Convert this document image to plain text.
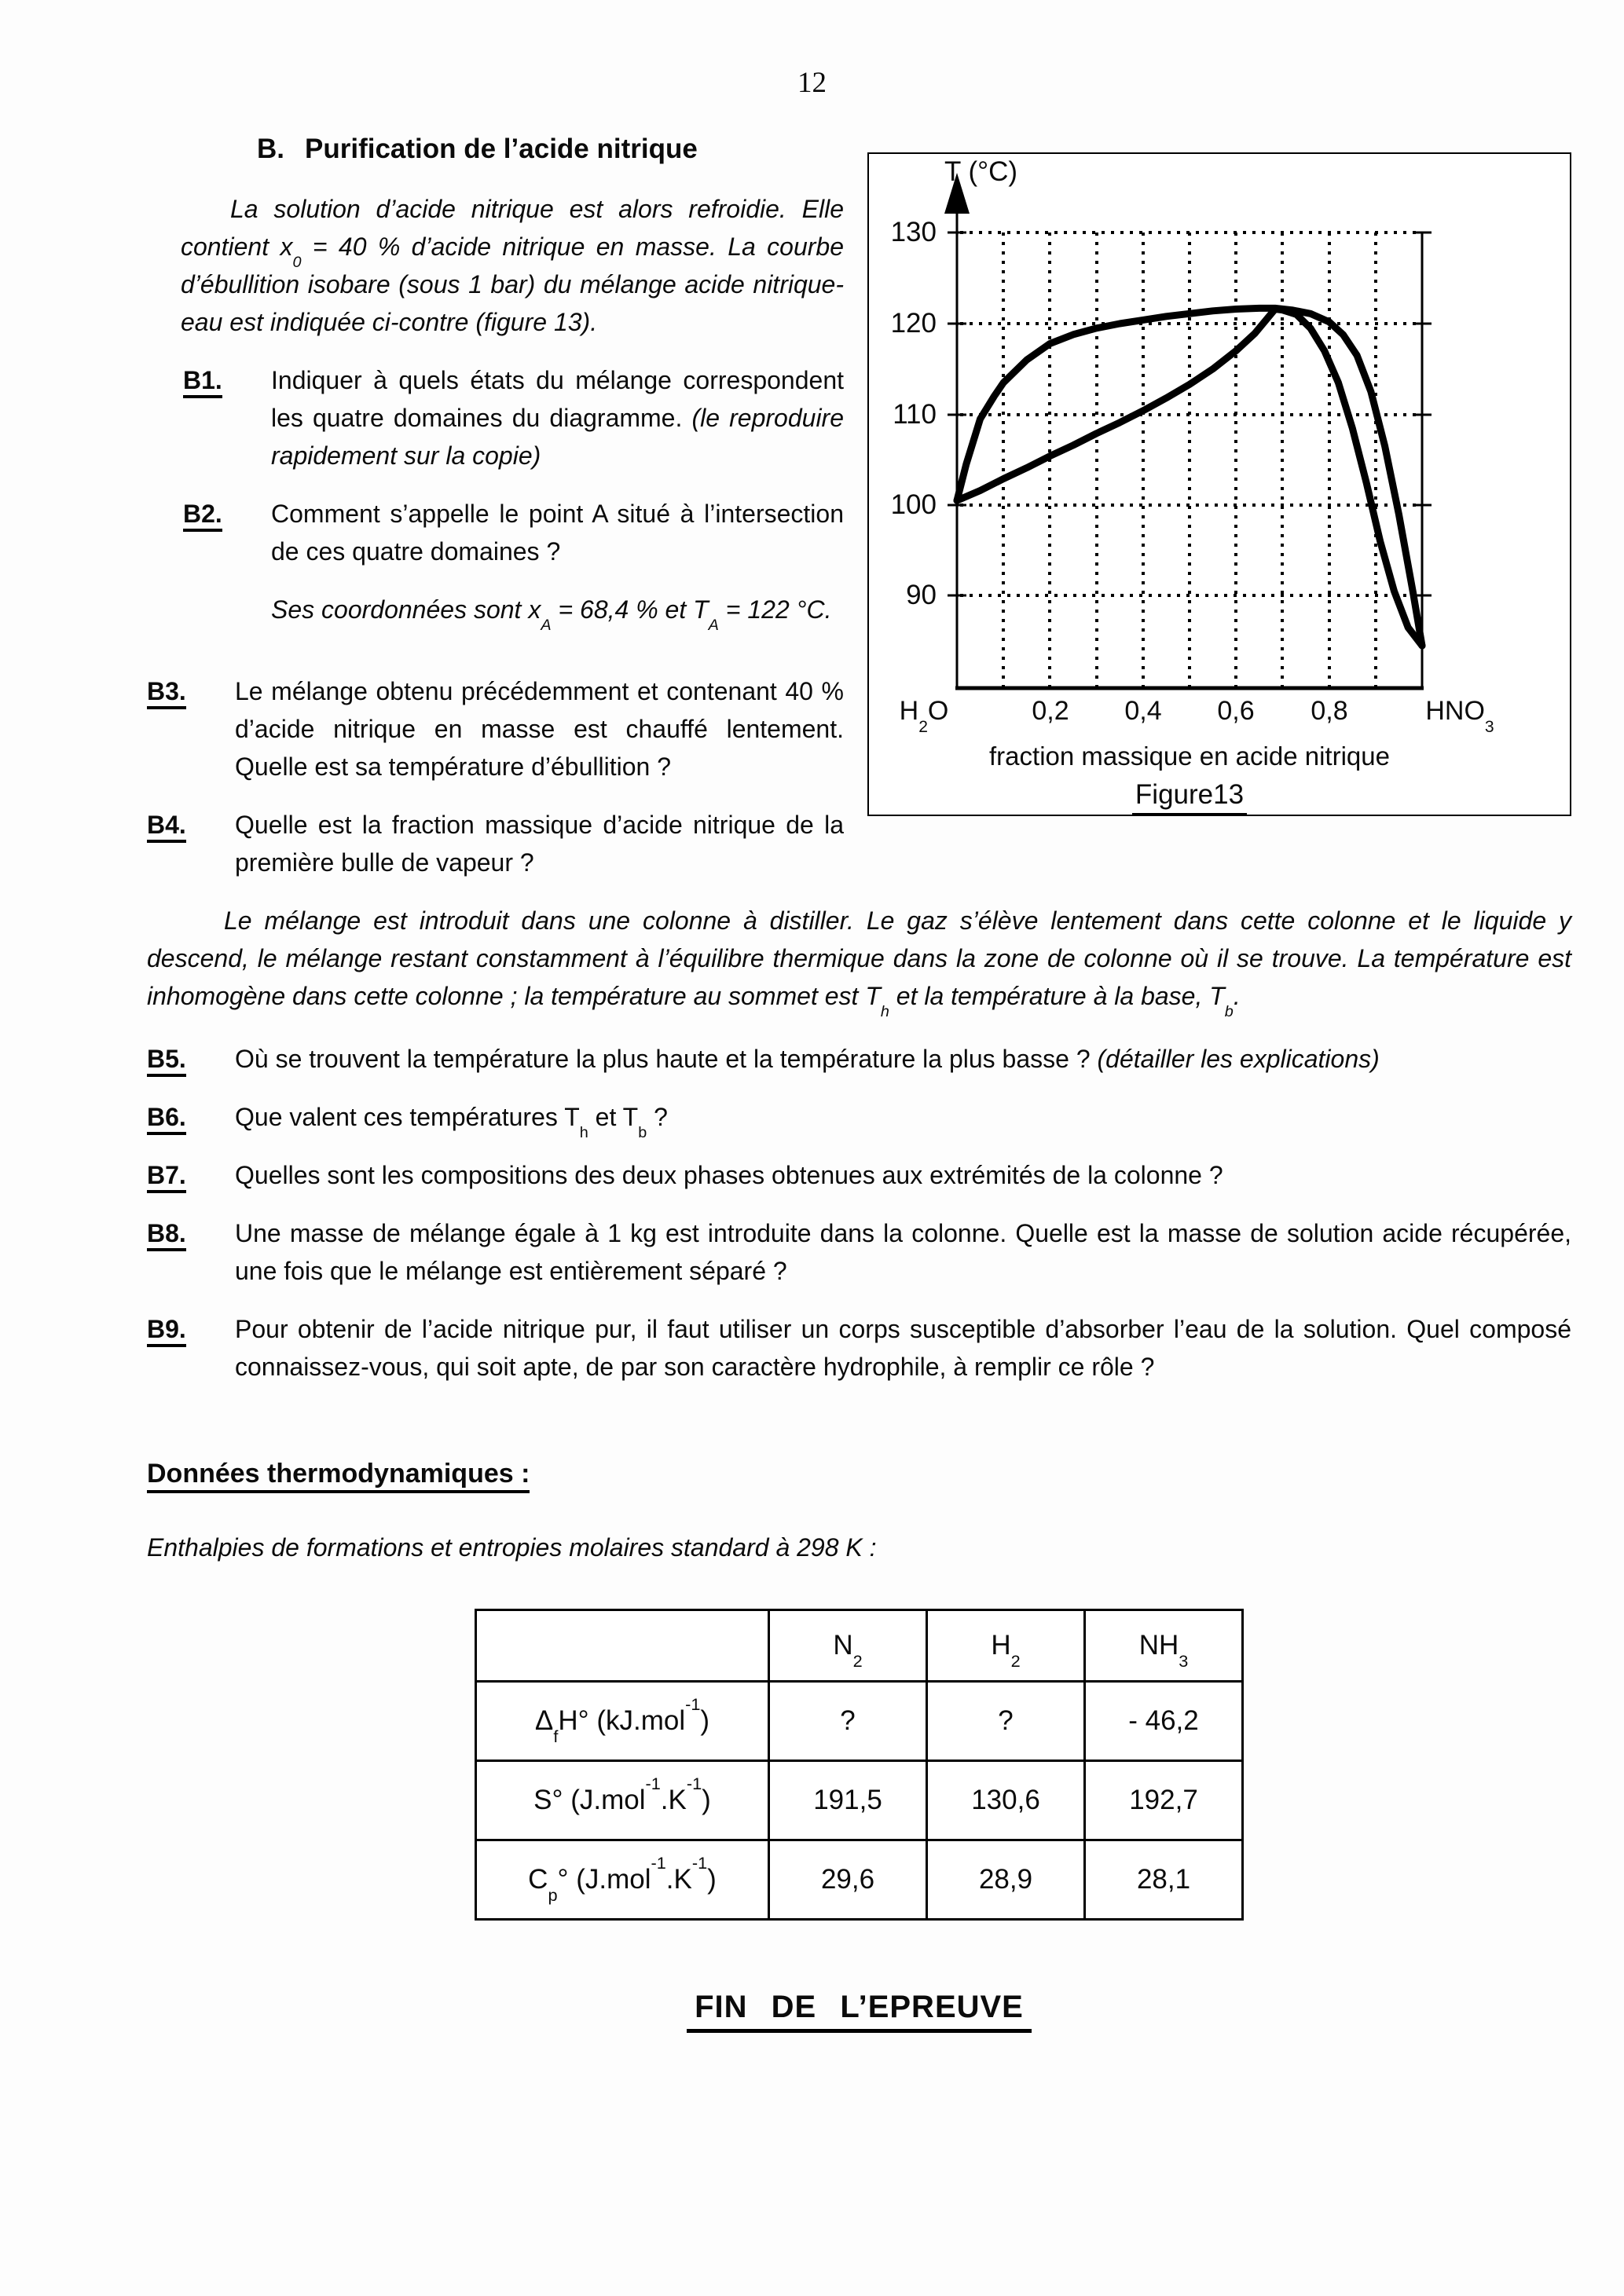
12
T (°C)
130
120
110
100
90
$H_2O$	0,2	0,4	0,6	0,8	$HNO_3$
fraction massique en acide nitrique
Figure13
B. Purification de l’acide nitrique

La solution d’acide nitrique est alors refroidie. Elle contient $x_0 = 40$ % d’acide nitrique en masse. La courbe d’ébullition isobare (sous 1 bar) du mélange acide nitrique-eau est indiquée ci-contre (figure 13).

B1. Indiquer à quels états du mélange correspondent les quatre domaines du diagramme. (le reproduire rapidement sur la copie)

B2. Comment s’appelle le point A situé à l’intersection de ces quatre domaines ?

Ses coordonnées sont $x_A = 68,4$ % et $T_A = 122$ °C.

B3. Le mélange obtenu précédemment et contenant 40 % d’acide nitrique en masse est chauffé lentement. Quelle est sa température d’ébullition ?

B4. Quelle est la fraction massique d’acide nitrique de la première bulle de vapeur ?

Le mélange est introduit dans une colonne à distiller. Le gaz s’élève lentement dans cette colonne et le liquide y descend, le mélange restant constamment à l’équilibre thermique dans la zone de colonne où il se trouve. La température est inhomogène dans cette colonne ; la température au sommet est $T_h$ et la température à la base, $T_b$.

B5. Où se trouvent la température la plus haute et la température la plus basse ? (détailler les explications)

B6. Que valent ces températures $T_h$ et $T_b$ ?

B7. Quelles sont les compositions des deux phases obtenues aux extrémités de la colonne ?

B8. Une masse de mélange égale à 1 kg est introduite dans la colonne. Quelle est la masse de solution acide récupérée, une fois que le mélange est entièrement séparé ?

B9. Pour obtenir de l’acide nitrique pur, il faut utiliser un corps susceptible d’absorber l’eau de la solution. Quel composé connaissez-vous, qui soit apte, de par son caractère hydrophile, à remplir ce rôle ?

Données thermodynamiques :

Enthalpies de formations et entropies molaires standard à 298 K :

	$N_2$	$H_2$	$NH_3$
$\Delta_fH^\circ$ (kJ.mol$^{-1}$)	?	?	- 46,2
S° $(J.mol^{-1}.K^{-1})$	191,5	130,6	192,7
$C_p^\circ$ $(J.mol^{-1}.K^{-1})$	29,6	28,9	28,1

FIN DE L’EPREUVE
